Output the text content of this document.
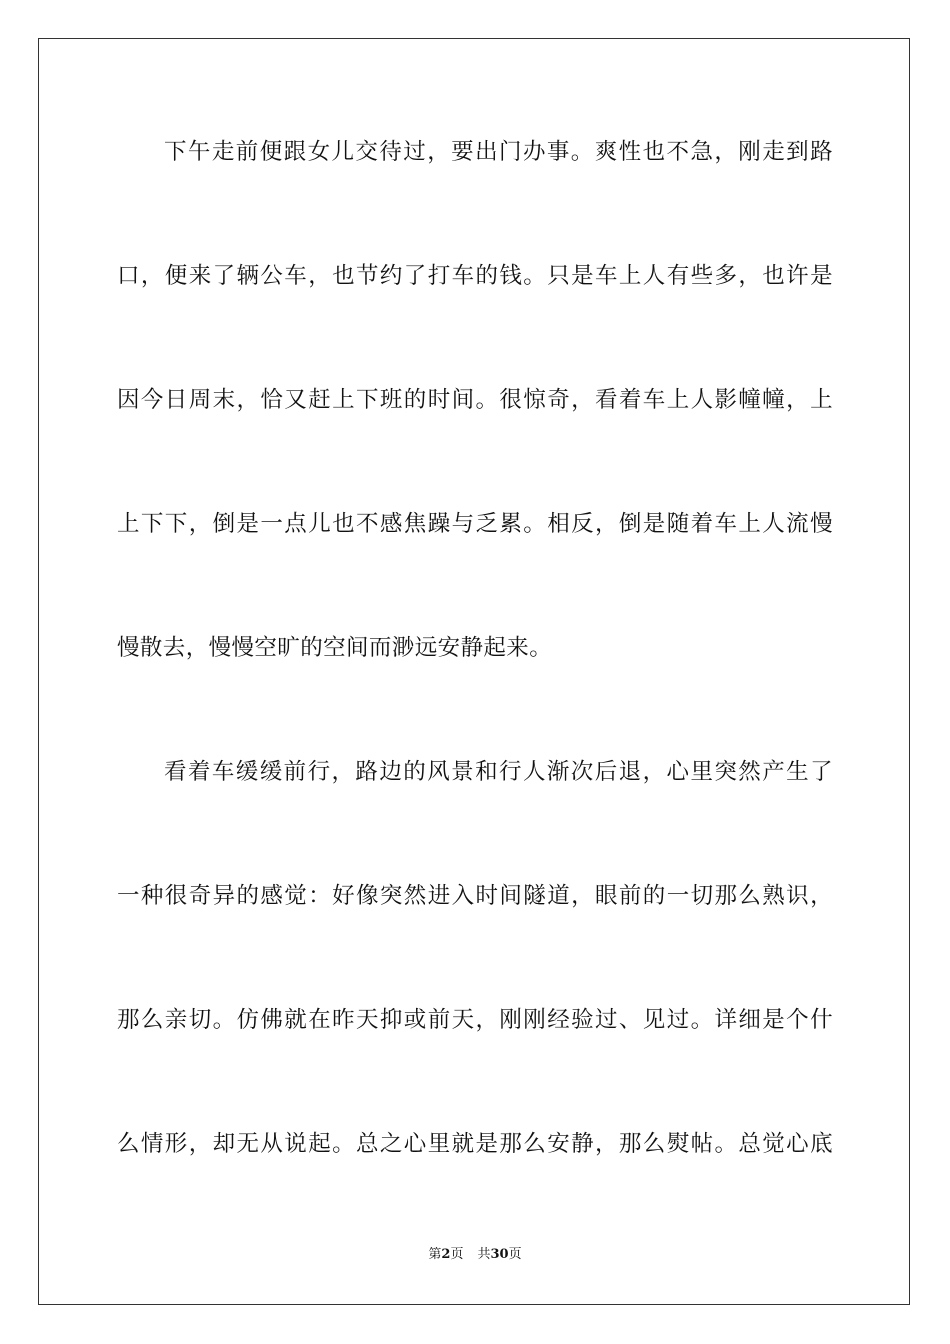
下午走前便跟女儿交待过，要出门办事。爽性也不急，刚走到路
口，便来了辆公车，也节约了打车的钱。只是车上人有些多，也许是
因今日周末，恰又赶上下班的时间。很惊奇，看着车上人影幢幢，上
上下下，倒是一点儿也不感焦躁与乏累。相反，倒是随着车上人流慢
慢散去，慢慢空旷的空间而渺远安静起来。
看着车缓缓前行，路边的风景和行人渐次后退，心里突然产生了
一种很奇异的感觉：好像突然进入时间隧道，眼前的一切那么熟识，
那么亲切。仿佛就在昨天抑或前天，刚刚经验过、见过。详细是个什
么情形，却无从说起。总之心里就是那么安静，那么熨帖。总觉心底
第2页 共30页
